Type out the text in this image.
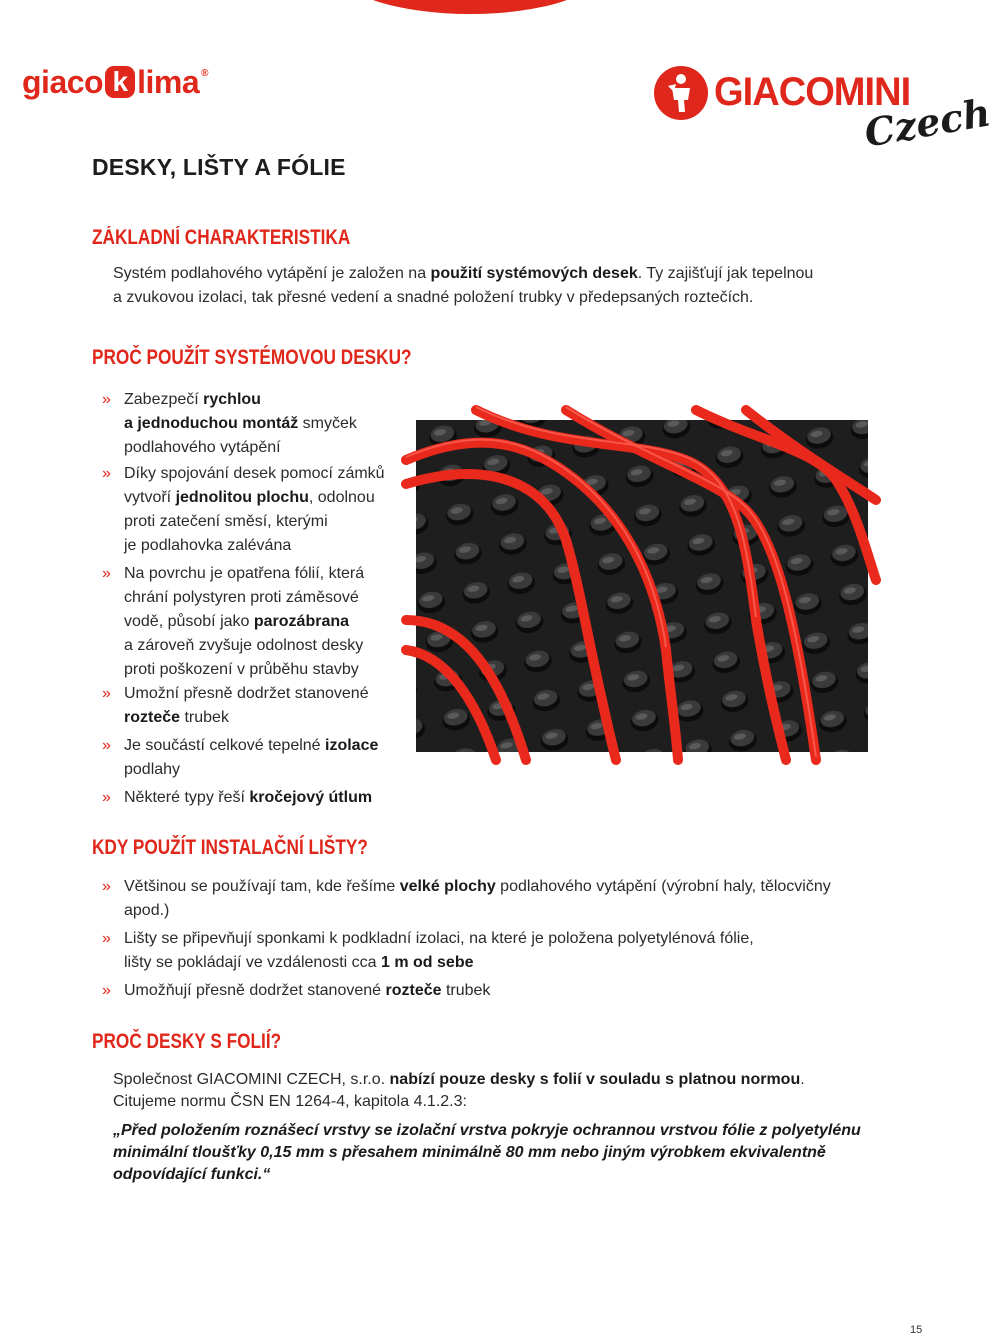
giaco k lima ®	GIACOMINI
Czech
DESKY, LIŠTY A FÓLIE
ZÁKLADNÍ CHARAKTERISTIKA

Systém podlahového vytápění je založen na použití systémových desek. Ty zajišťují jak tepelnou

a zvukovou izolaci, tak přesné vedení a snadné položení trubky v předepsaných roztečích.

PROČ POUŽÍT SYSTÉMOVOU DESKU?
» Zabezpečí rychlou
a jednoduchou montáž smyček
podlahového vytápění
» Díky spojování desek pomocí zámků
vytvoří jednolitou plochu, odolnou
proti zatečení směsí, kterými
je podlahovka zalévána
» Na povrchu je opatřena fólií, která
chrání polystyren proti záměsové
vodě, působí jako parozábrana
a zároveň zvyšuje odolnost desky
proti poškození v průběhu stavby
» Umožní přesně dodržet stanovené
rozteče trubek
» Je součástí celkové tepelné izolace
podlahy
» Některé typy řeší kročejový útlum
KDY POUŽÍT INSTALAČNÍ LIŠTY?
» Většinou se používají tam, kde řešíme velké plochy podlahového vytápění (výrobní haly, tělocvičny
apod.)
» Lišty se připevňují sponkami k podkladní izolaci, na které je položena polyetylénová fólie,
lišty se pokládají ve vzdálenosti cca 1 m od sebe
» Umožňují přesně dodržet stanovené rozteče trubek
PROČ DESKY S FOLIÍ?

Společnost GIACOMINI CZECH, s.r.o. nabízí pouze desky s folií v souladu s platnou normou.

Citujeme normu ČSN EN 1264-4, kapitola 4.1.2.3:

„Před položením roznášecí vrstvy se izolační vrstva pokryje ochrannou vrstvou fólie z polyetylénu
minimální tloušťky 0,15 mm s přesahem minimálně 80 mm nebo jiným výrobkem ekvivalentně
odpovídající funkci.“
15
